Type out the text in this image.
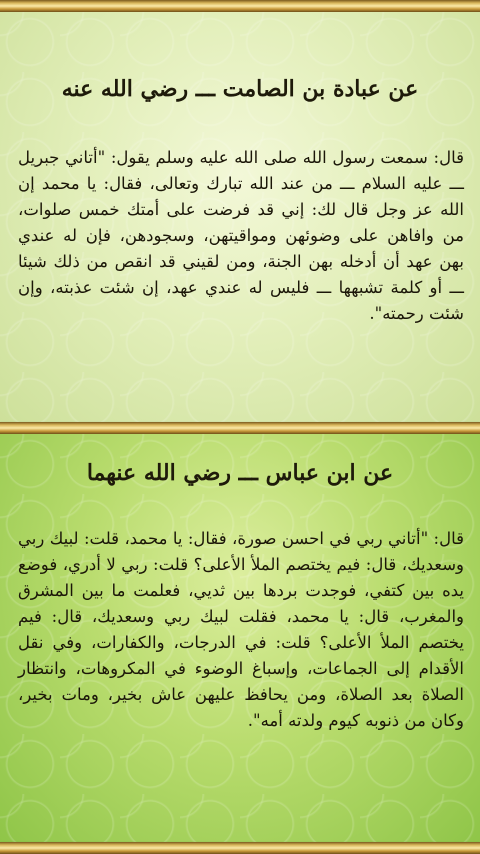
عن عبادة بن الصامت ـــ رضي الله عنه
قال: سمعت رسول الله صلى الله عليه وسلم يقول: "أتاني جبريل ـــ عليه السلام ـــ من عند الله تبارك وتعالى، فقال: يا محمد إن الله عز وجل قال لك: إني قد فرضت على أمتك خمس صلوات، من وافاهن على وضوئهن ومواقيتهن، وسجودهن، فإن له عندي بهن عهد أن أدخله بهن الجنة، ومن لقيني قد انقص من ذلك شيئا ـــ أو كلمة تشبهها ـــ فليس له عندي عهد، إن شئت عذبته، وإن شئت رحمته".
عن ابن عباس ـــ رضي الله عنهما
قال: "أتاني ربي في احسن صورة، فقال: يا محمد، قلت: لبيك ربي وسعديك، قال: فيم يختصم الملأ الأعلى؟ قلت: ربي لا أدري، فوضع يده بين كتفي، فوجدت بردها بين ثديي، فعلمت ما بين المشرق والمغرب، قال: يا محمد، فقلت لبيك ربي وسعديك، قال: فيم يختصم الملأ الأعلى؟ قلت: في الدرجات، والكفارات، وفي نقل الأقدام إلى الجماعات، وإسباغ الوضوء في المكروهات، وانتظار الصلاة بعد الصلاة، ومن يحافظ عليهن عاش بخير، ومات بخير، وكان من ذنوبه كيوم ولدته أمه".
